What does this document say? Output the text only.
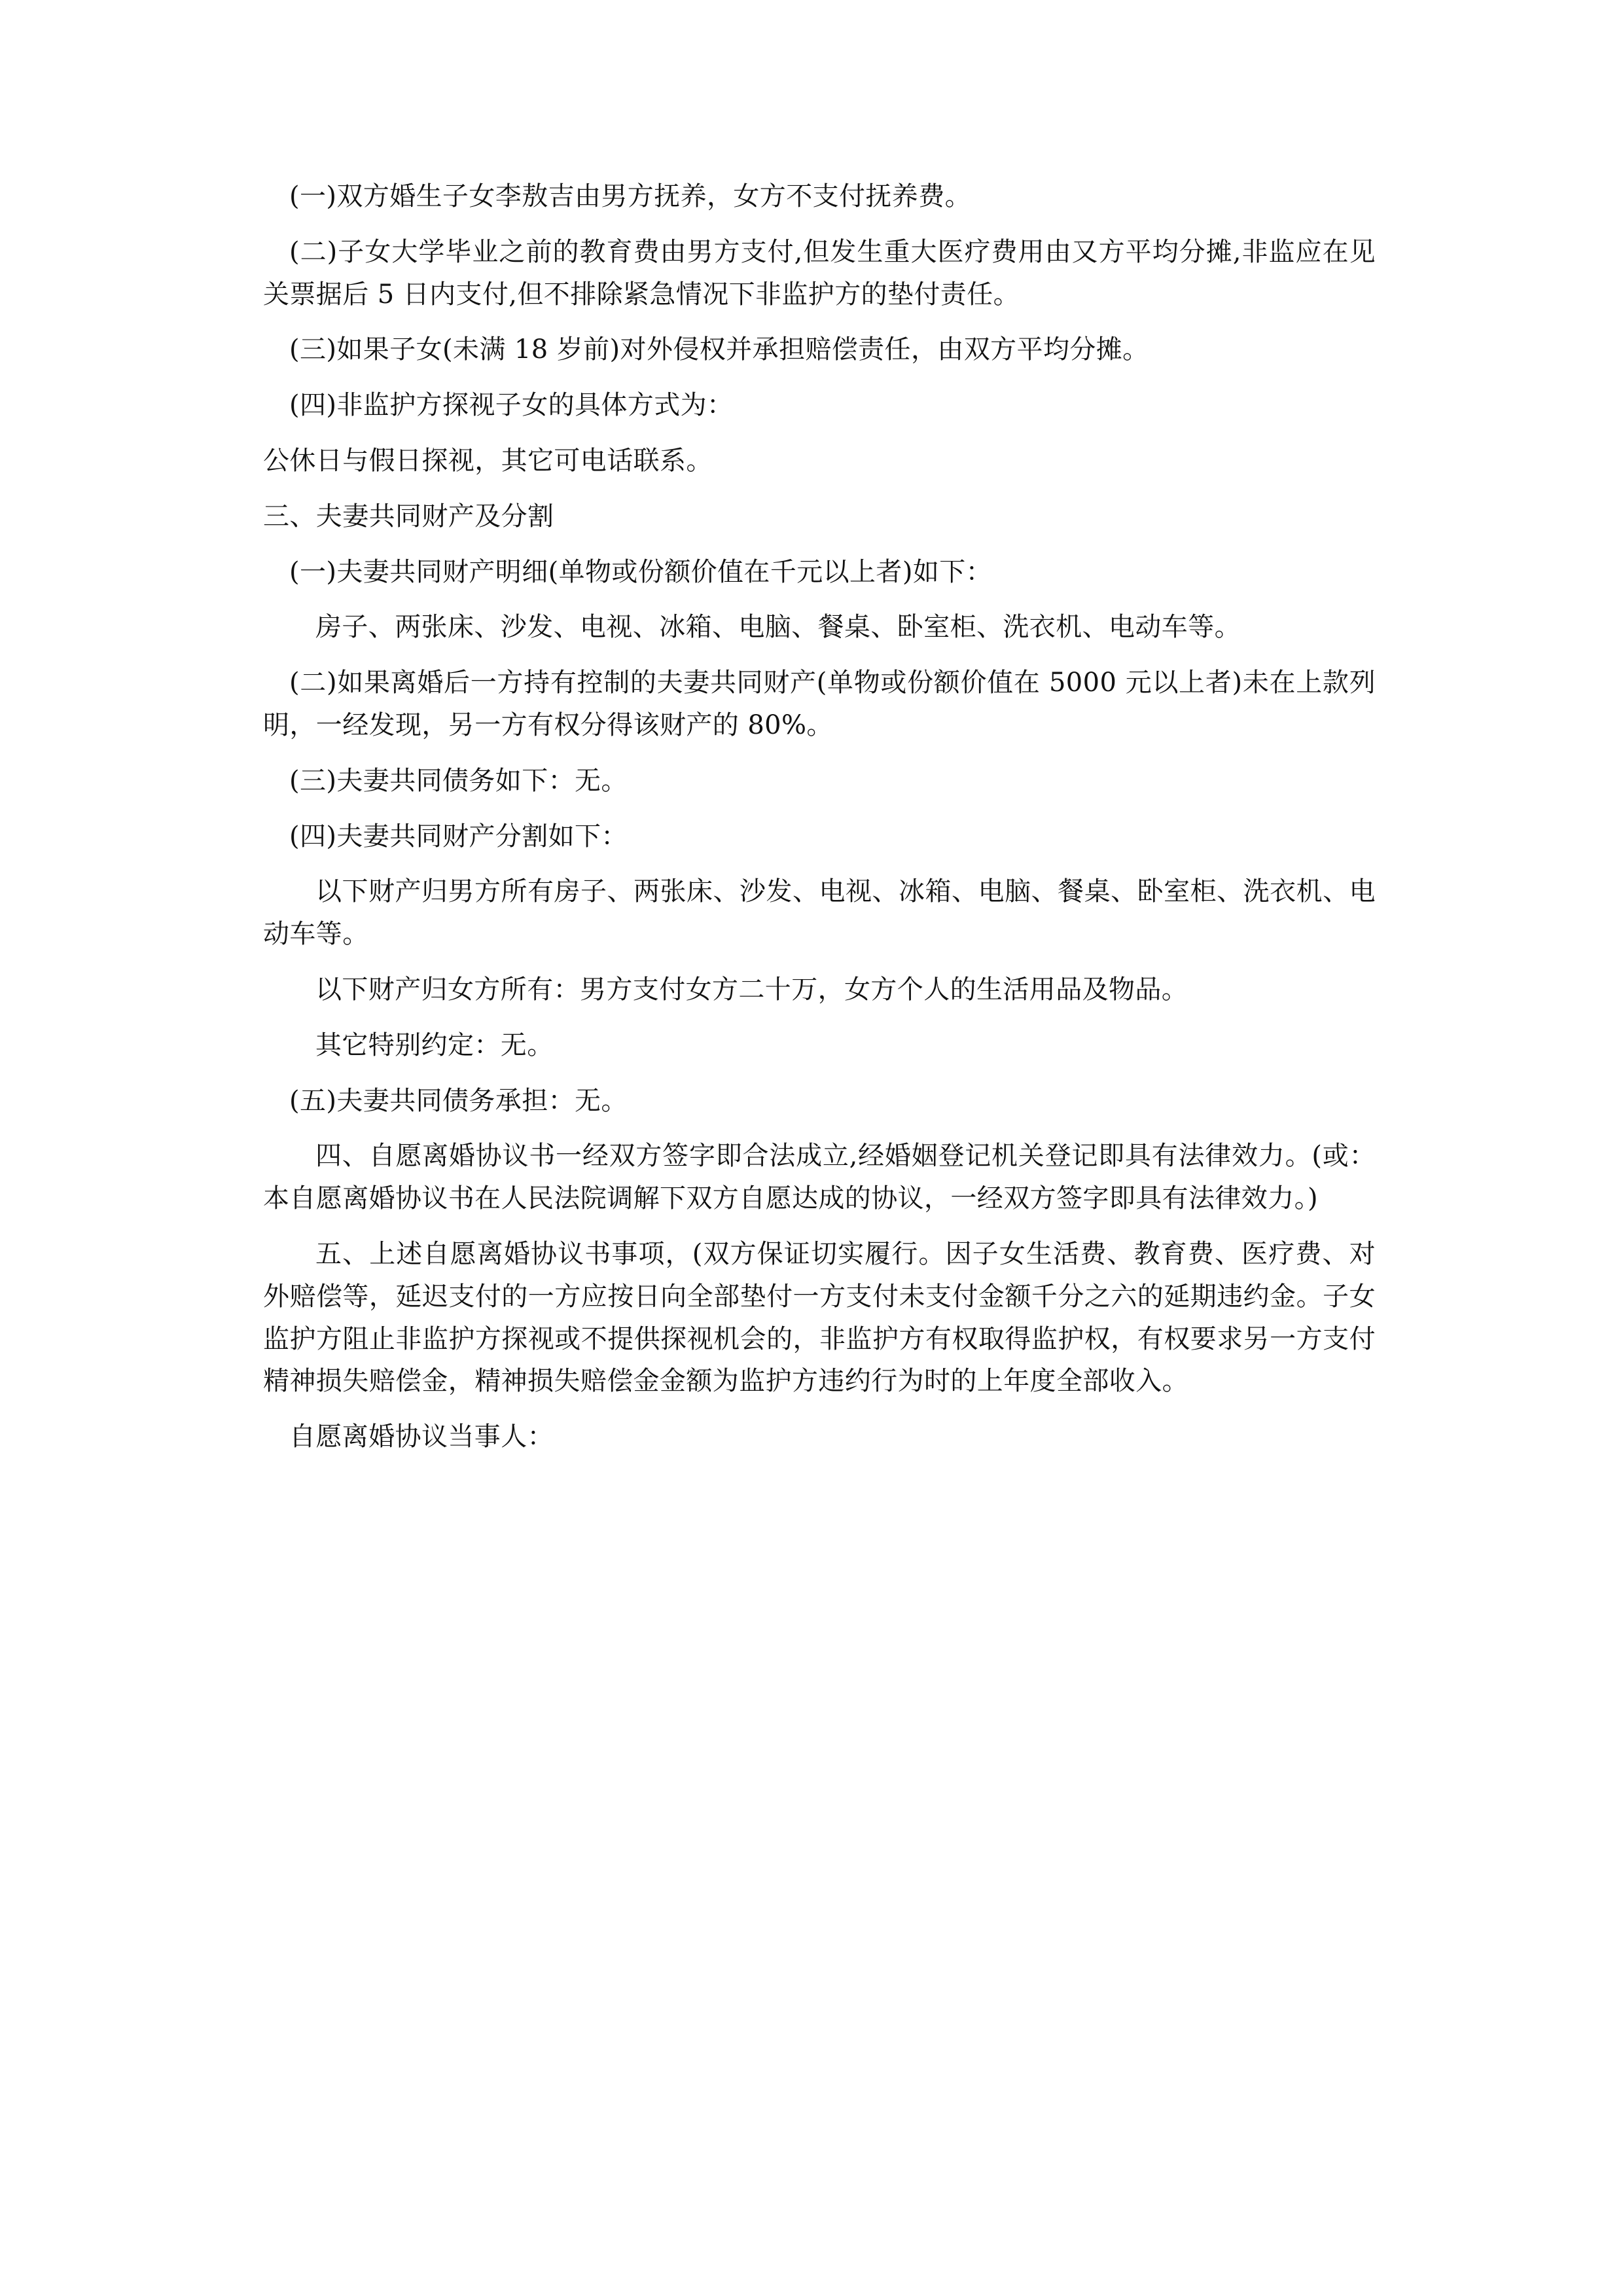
(一)双方婚生子女李敖吉由男方抚养，女方不支付抚养费。

(二)子女大学毕业之前的教育费由男方支付,但发生重大医疗费用由又方平均分摊,非监应在见关票据后 5 日内支付,但不排除紧急情况下非监护方的垫付责任。

(三)如果子女(未满 18 岁前)对外侵权并承担赔偿责任，由双方平均分摊。

(四)非监护方探视子女的具体方式为：

公休日与假日探视，其它可电话联系。

三、夫妻共同财产及分割

(一)夫妻共同财产明细(单物或份额价值在千元以上者)如下：

房子、两张床、沙发、电视、冰箱、电脑、餐桌、卧室柜、洗衣机、电动车等。

(二)如果离婚后一方持有控制的夫妻共同财产(单物或份额价值在 5000 元以上者)未在上款列明，一经发现，另一方有权分得该财产的 80%。

(三)夫妻共同债务如下：无。

(四)夫妻共同财产分割如下：

以下财产归男方所有房子、两张床、沙发、电视、冰箱、电脑、餐桌、卧室柜、洗衣机、电动车等。

以下财产归女方所有：男方支付女方二十万，女方个人的生活用品及物品。

其它特别约定：无。

(五)夫妻共同债务承担：无。

四、自愿离婚协议书一经双方签字即合法成立,经婚姻登记机关登记即具有法律效力。(或：本自愿离婚协议书在人民法院调解下双方自愿达成的协议，一经双方签字即具有法律效力。)

五、上述自愿离婚协议书事项，(双方保证切实履行。因子女生活费、教育费、医疗费、对外赔偿等，延迟支付的一方应按日向全部垫付一方支付未支付金额千分之六的延期违约金。子女监护方阻止非监护方探视或不提供探视机会的，非监护方有权取得监护权，有权要求另一方支付精神损失赔偿金，精神损失赔偿金金额为监护方违约行为时的上年度全部收入。

自愿离婚协议当事人：
